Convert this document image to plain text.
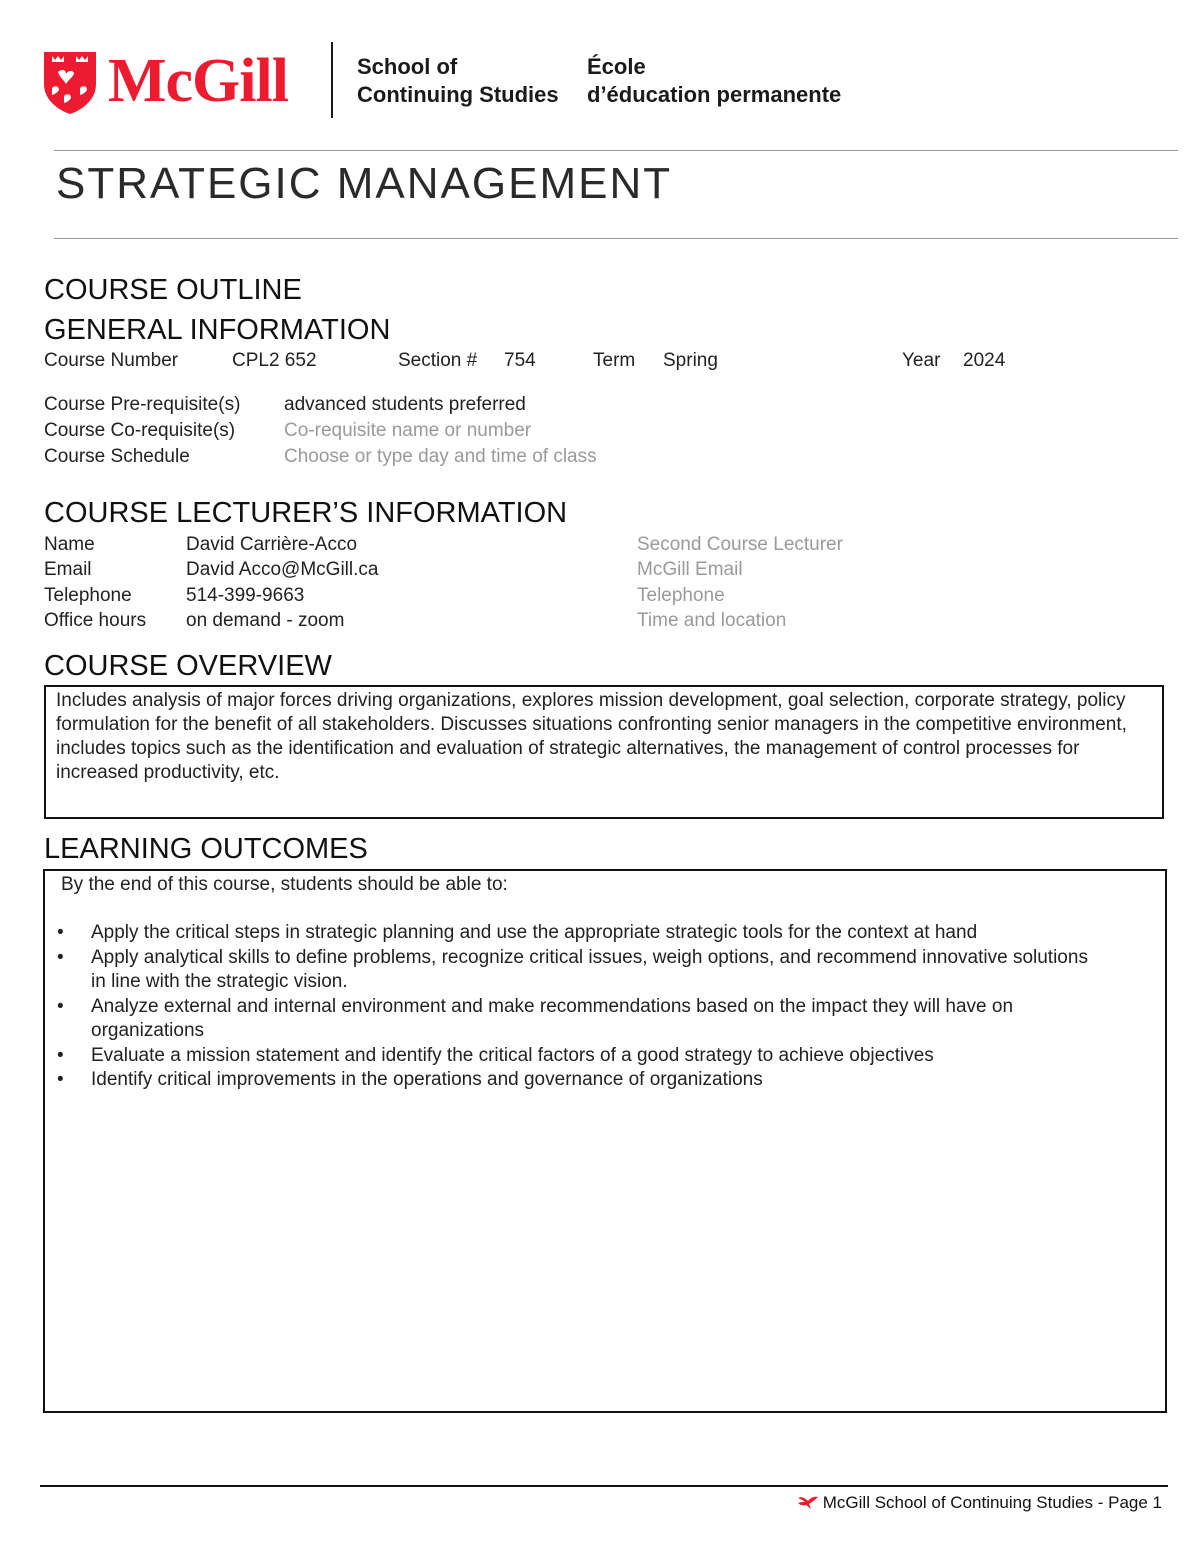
McGill	School of
Continuing Studies
École
d’éducation permanente
STRATEGIC MANAGEMENT
COURSE OUTLINE
GENERAL INFORMATION
Course Number	CPL2 652	Section # 754	Term Spring	Year 2024
Course Pre-requisite(s) advanced students preferred
Course Co-requisite(s)	Co-requisite name or number
Course Schedule	Choose or type day and time of class
COURSE LECTURER’S INFORMATION
Name	David Carrière-Acco	Second Course Lecturer
Email	David Acco@McGill.ca	McGill Email
Telephone	514-399-9663	Telephone
Office hours on demand - zoom	Time and location
COURSE OVERVIEW
Includes analysis of major forces driving organizations, explores mission development, goal selection, corporate strategy, policy formulation for the benefit of all stakeholders. Discusses situations confronting senior managers in the competitive environment, includes topics such as the identification and evaluation of strategic alternatives, the management of control processes for increased productivity, etc.
LEARNING OUTCOMES
By the end of this course, students should be able to:
• Apply the critical steps in strategic planning and use the appropriate strategic tools for the context at hand
• Apply analytical skills to define problems, recognize critical issues, weigh options, and recommend innovative solutions in line with the strategic vision.
• Analyze external and internal environment and make recommendations based on the impact they will have on organizations
• Evaluate a mission statement and identify the critical factors of a good strategy to achieve objectives
• Identify critical improvements in the operations and governance of organizations
McGill School of Continuing Studies - Page 1
